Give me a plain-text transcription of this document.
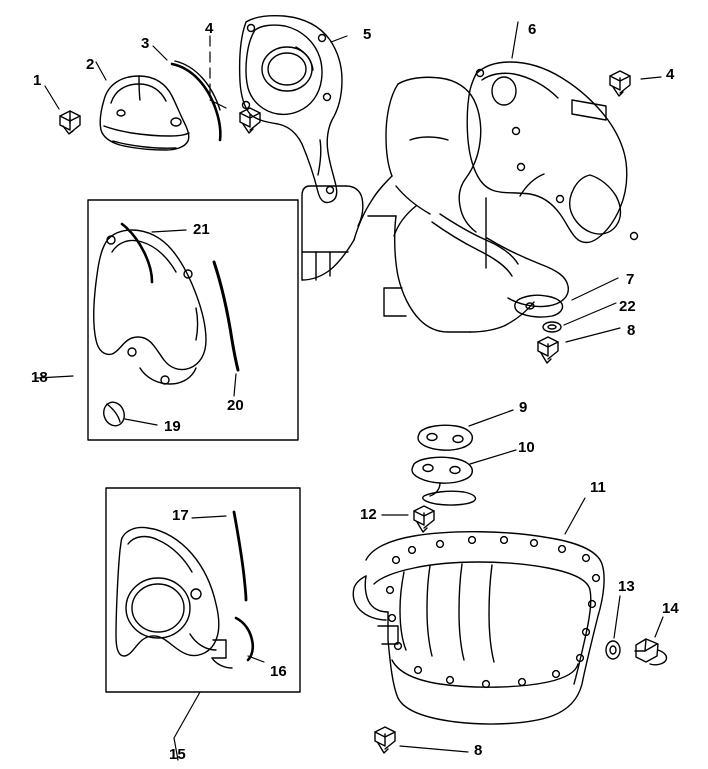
1
2
3
4	5	6
4
7
22
8
18
21
20
19
9
10
12
11
13
14
17
16
15	8
